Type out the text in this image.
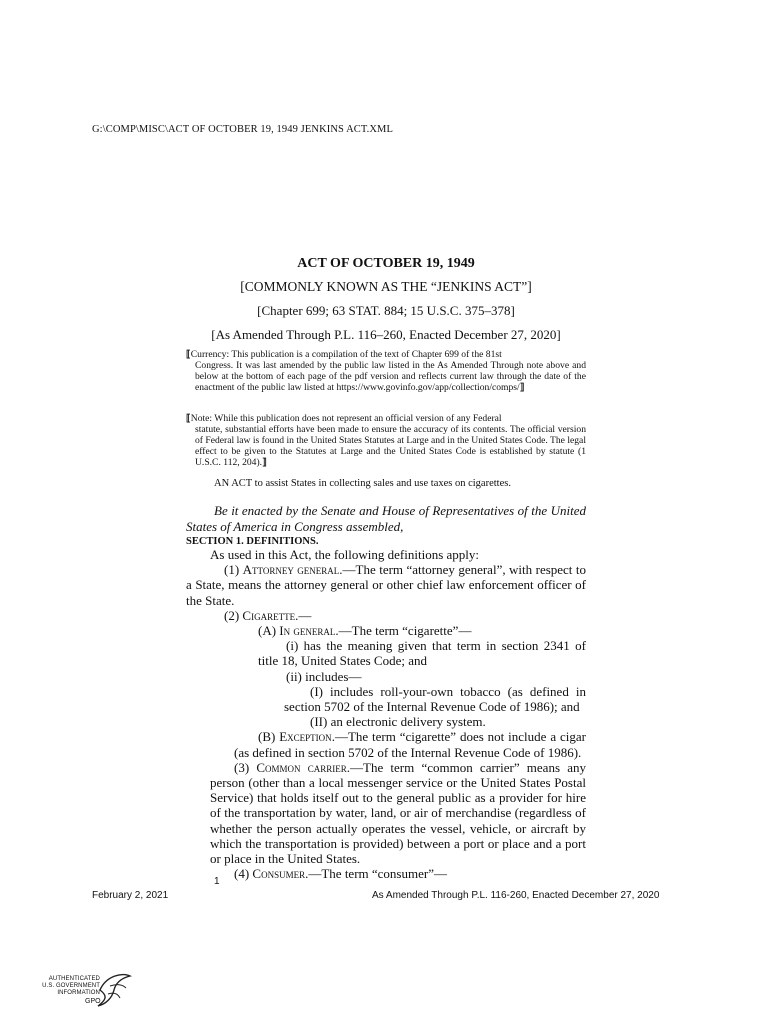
G:\COMP\MISC\ACT OF OCTOBER 19, 1949 JENKINS ACT.XML
ACT OF OCTOBER 19, 1949
[COMMONLY KNOWN AS THE “JENKINS ACT”]
[Chapter 699; 63 STAT. 884; 15 U.S.C. 375–378]
[As Amended Through P.L. 116–260, Enacted December 27, 2020]
⟦Currency: This publication is a compilation of the text of Chapter 699 of the 81st
Congress. It was last amended by the public law listed in the As Amended Through note above and below at the bottom of each page of the pdf version and reflects current law through the date of the enactment of the public law listed at https://www.govinfo.gov/app/collection/comps/⟧
⟦Note: While this publication does not represent an official version of any Federal
statute, substantial efforts have been made to ensure the accuracy of its contents. The official version of Federal law is found in the United States Statutes at Large and in the United States Code. The legal effect to be given to the Statutes at Large and the United States Code is established by statute (1 U.S.C. 112, 204).⟧
AN ACT to assist States in collecting sales and use taxes on cigarettes.
Be it enacted by the Senate and House of Representatives of the United States of America in Congress assembled,
SECTION 1. DEFINITIONS.
As used in this Act, the following definitions apply:
(1) Attorney general.—The term “attorney general”, with respect to a State, means the attorney general or other chief law enforcement officer of the State.
(2) Cigarette.—
(A) In general.—The term “cigarette”—
(i) has the meaning given that term in section 2341 of title 18, United States Code; and
(ii) includes—
(I) includes roll-your-own tobacco (as defined in section 5702 of the Internal Revenue Code of 1986); and
(II) an electronic delivery system.
(B) Exception.—The term “cigarette” does not include a cigar (as defined in section 5702 of the Internal Revenue Code of 1986).
(3) Common carrier.—The term “common carrier” means any person (other than a local messenger service or the United States Postal Service) that holds itself out to the general public as a provider for hire of the transportation by water, land, or air of merchandise (regardless of whether the person actually operates the vessel, vehicle, or aircraft by which the transportation is provided) between a port or place and a port or place in the United States.
(4) Consumer.—The term “consumer”—
1
February 2, 2021	As Amended Through P.L. 116-260, Enacted December 27, 2020
AUTHENTICATED
U.S. GOVERNMENT
INFORMATION
GPO
